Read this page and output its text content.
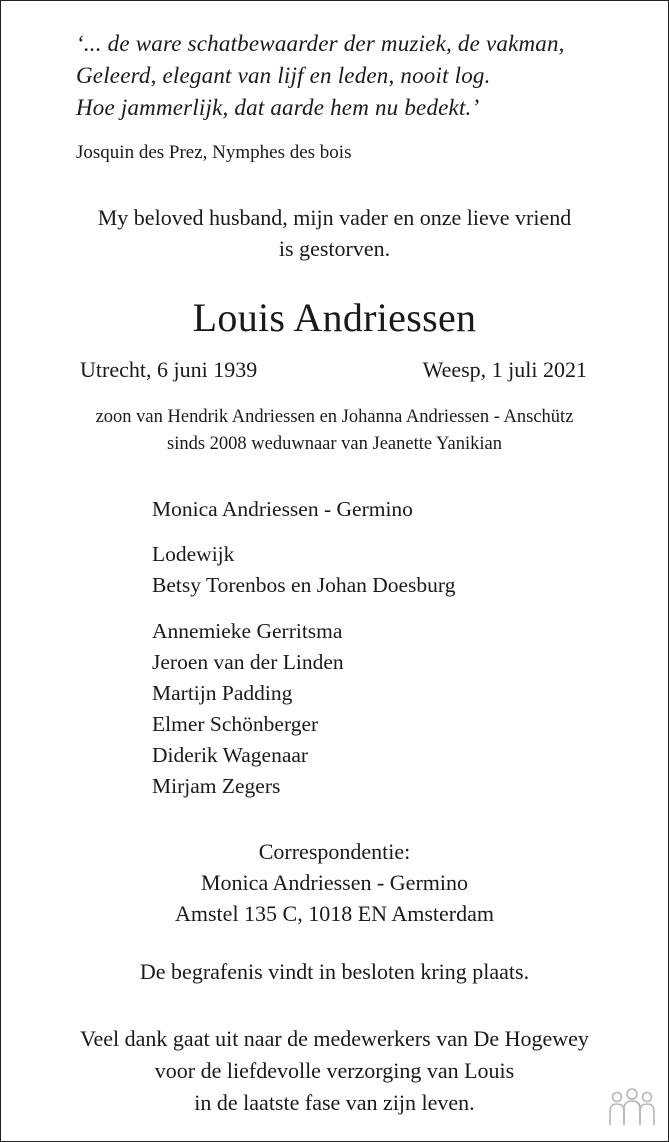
‘... de ware schatbewaarder der muziek, de vakman,
Geleerd, elegant van lijf en leden, nooit log.
Hoe jammerlijk, dat aarde hem nu bedekt.’
Josquin des Prez, Nymphes des bois
My beloved husband, mijn vader en onze lieve vriend
is gestorven.
Louis Andriessen
Utrecht, 6 juni 1939	Weesp, 1 juli 2021
zoon van Hendrik Andriessen en Johanna Andriessen - Anschütz
sinds 2008 weduwnaar van Jeanette Yanikian
Monica Andriessen - Germino
Lodewijk
Betsy Torenbos en Johan Doesburg
Annemieke Gerritsma
Jeroen van der Linden
Martijn Padding
Elmer Schönberger
Diderik Wagenaar
Mirjam Zegers
Correspondentie:
Monica Andriessen - Germino
Amstel 135 C, 1018 EN Amsterdam
De begrafenis vindt in besloten kring plaats.
Veel dank gaat uit naar de medewerkers van De Hogewey
voor de liefdevolle verzorging van Louis
in de laatste fase van zijn leven.
